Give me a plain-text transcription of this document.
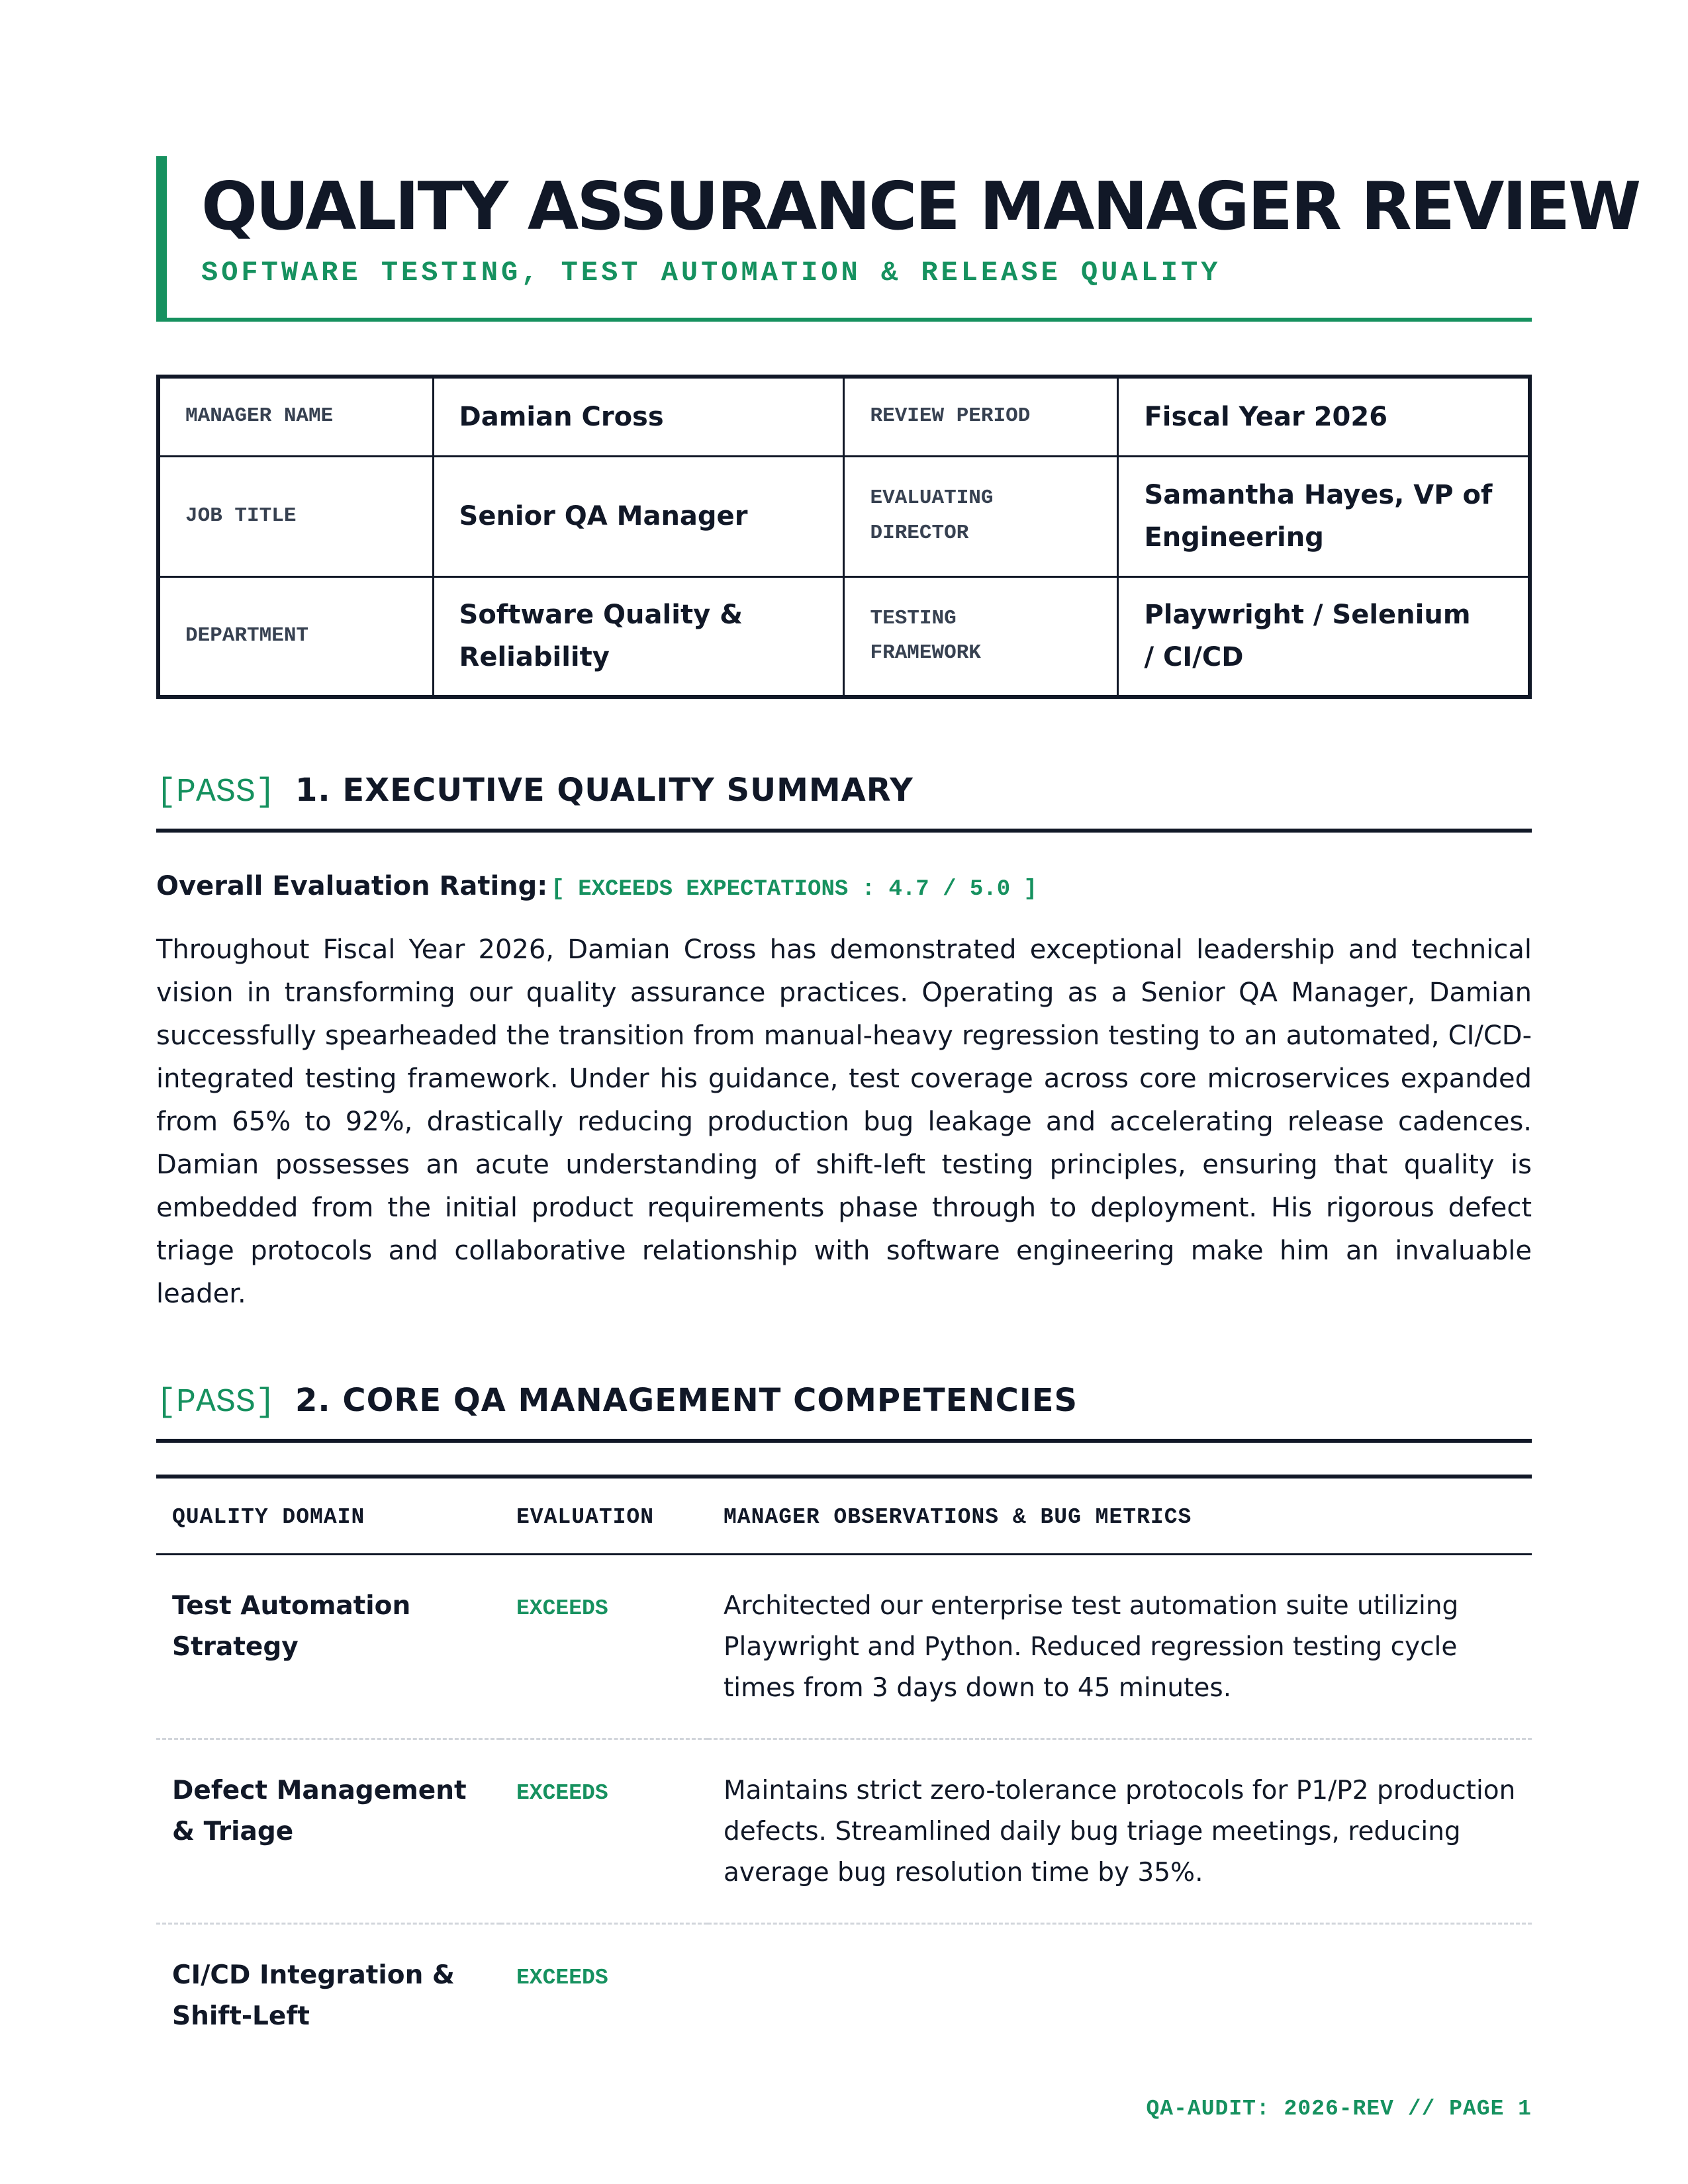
QUALITY ASSURANCE MANAGER REVIEW
SOFTWARE TESTING, TEST AUTOMATION & RELEASE QUALITY
MANAGER NAME	Damian Cross	REVIEW PERIOD	Fiscal Year 2026
JOB TITLE	Senior QA Manager	EVALUATING DIRECTOR	Samantha Hayes, VP of Engineering

DEPARTMENT	Software Quality & Reliability	TESTING FRAMEWORK	Playwright / Selenium / CI/CD
[PASS] 1. EXECUTIVE QUALITY SUMMARY
Overall Evaluation Rating: [ EXCEEDS EXPECTATIONS : 4.7 / 5.0 ]

Throughout Fiscal Year 2026, Damian Cross has demonstrated exceptional leadership and technical vision in transforming our quality assurance practices. Operating as a Senior QA Manager, Damian successfully spearheaded the transition from manual-heavy regression testing to an automated, CI/CD-integrated testing framework. Under his guidance, test coverage across core microservices expanded from 65% to 92%, drastically reducing production bug leakage and accelerating release cadences. Damian possesses an acute understanding of shift-left testing principles, ensuring that quality is embedded from the initial product requirements phase through to deployment. His rigorous defect triage protocols and collaborative relationship with software engineering make him an invaluable leader.

[PASS] 2. CORE QA MANAGEMENT COMPETENCIES
QUALITY DOMAIN	EVALUATION	MANAGER OBSERVATIONS & BUG METRICS
Test Automation Strategy	EXCEEDS	Architected our enterprise test automation suite utilizing Playwright and Python. Reduced regression testing cycle times from 3 days down to 45 minutes.
Defect Management & Triage	EXCEEDS	Maintains strict zero-tolerance protocols for P1/P2 production defects. Streamlined daily bug triage meetings, reducing average bug resolution time by 35%.
CI/CD Integration & Shift-Left	EXCEEDS	
QA-AUDIT: 2026-REV // PAGE 1
